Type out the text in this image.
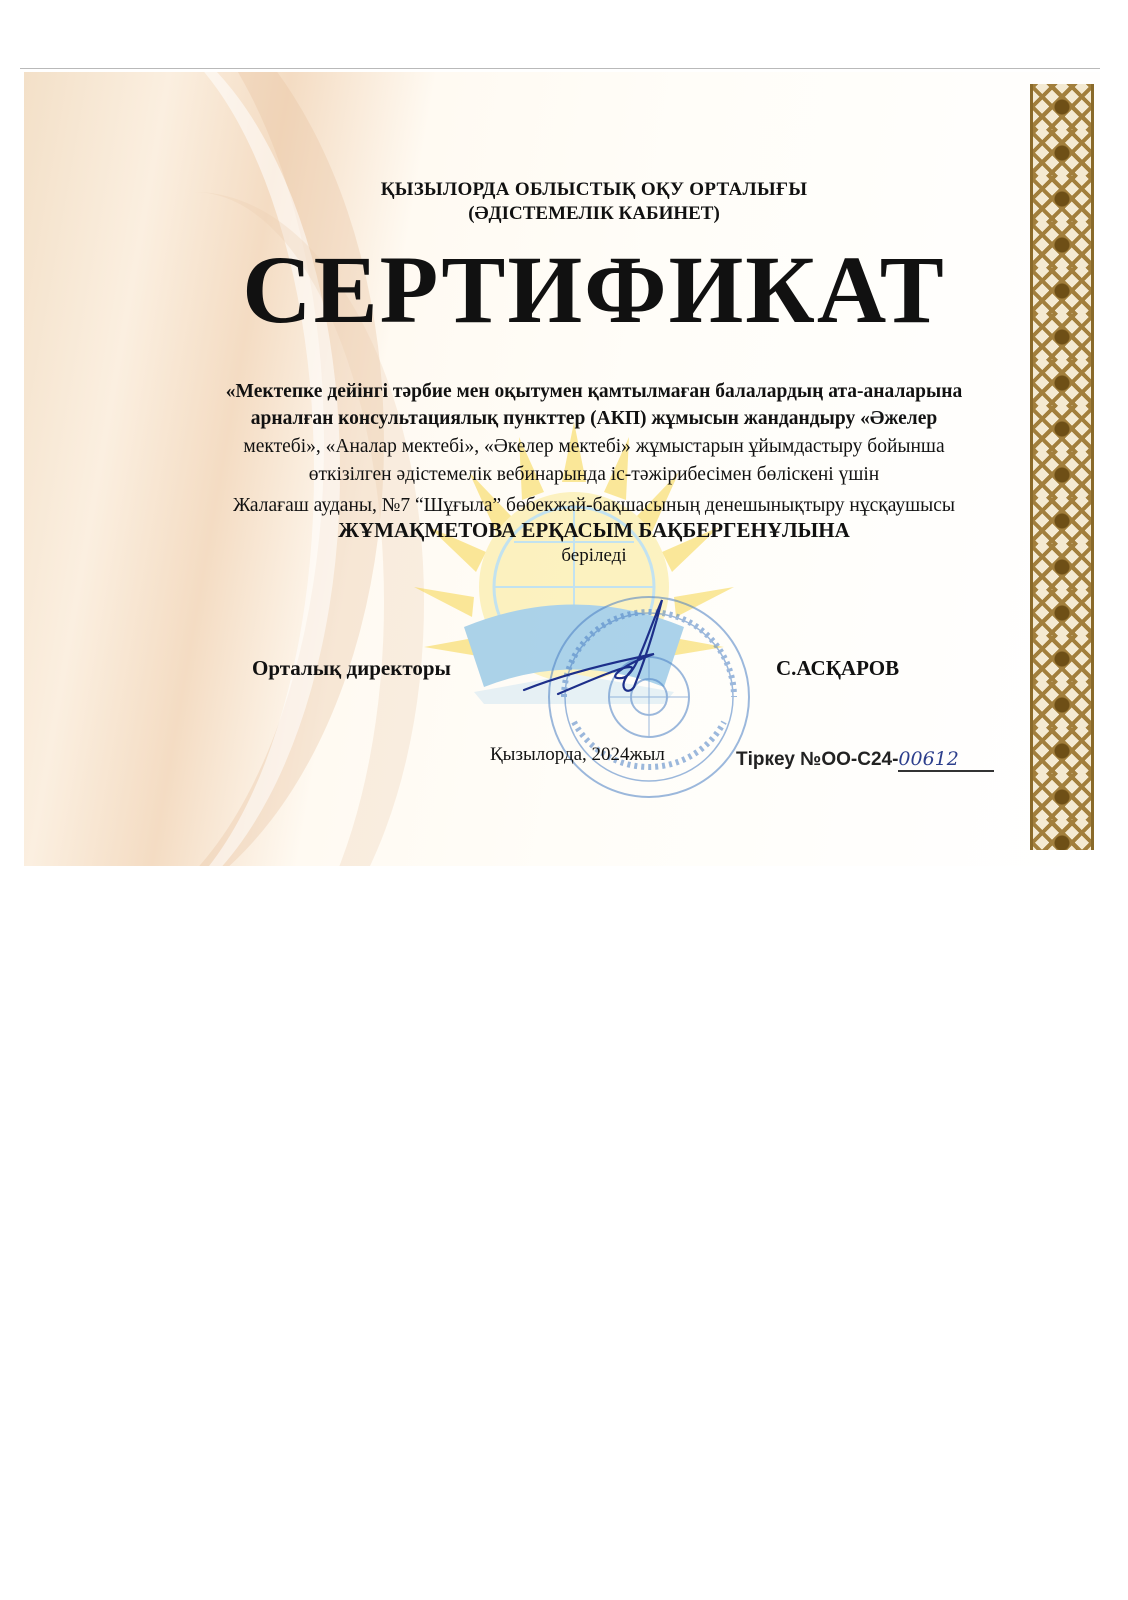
ҚЫЗЫЛОРДА ОБЛЫСТЫҚ ОҚУ ОРТАЛЫҒЫ
(ӘДІСТЕМЕЛІК КАБИНЕТ)
СЕРТИФИКАТ
«Мектепке дейінгі тәрбие мен оқытумен қамтылмаған балалардың ата-аналарына
арналған консультациялық пункттер (АКП) жұмысын жандандыру «Әжелер
мектебі», «Аналар мектебі», «Әкелер мектебі» жұмыстарын ұйымдастыру бойынша
өткізілген әдістемелік вебинарында іс-тәжірибесімен бөліскені үшін
Жалағаш ауданы, №7 “Шұғыла” бөбекжай-бақшасының денешынықтыру нұсқаушысы
ЖҰМАҚМЕТОВА ЕРҚАСЫМ БАҚБЕРГЕНҰЛЫНА
беріледі
Орталық директоры	С.АСҚАРОВ
Қызылорда, 2024жыл	Тіркеу №ОО-С24-00612
